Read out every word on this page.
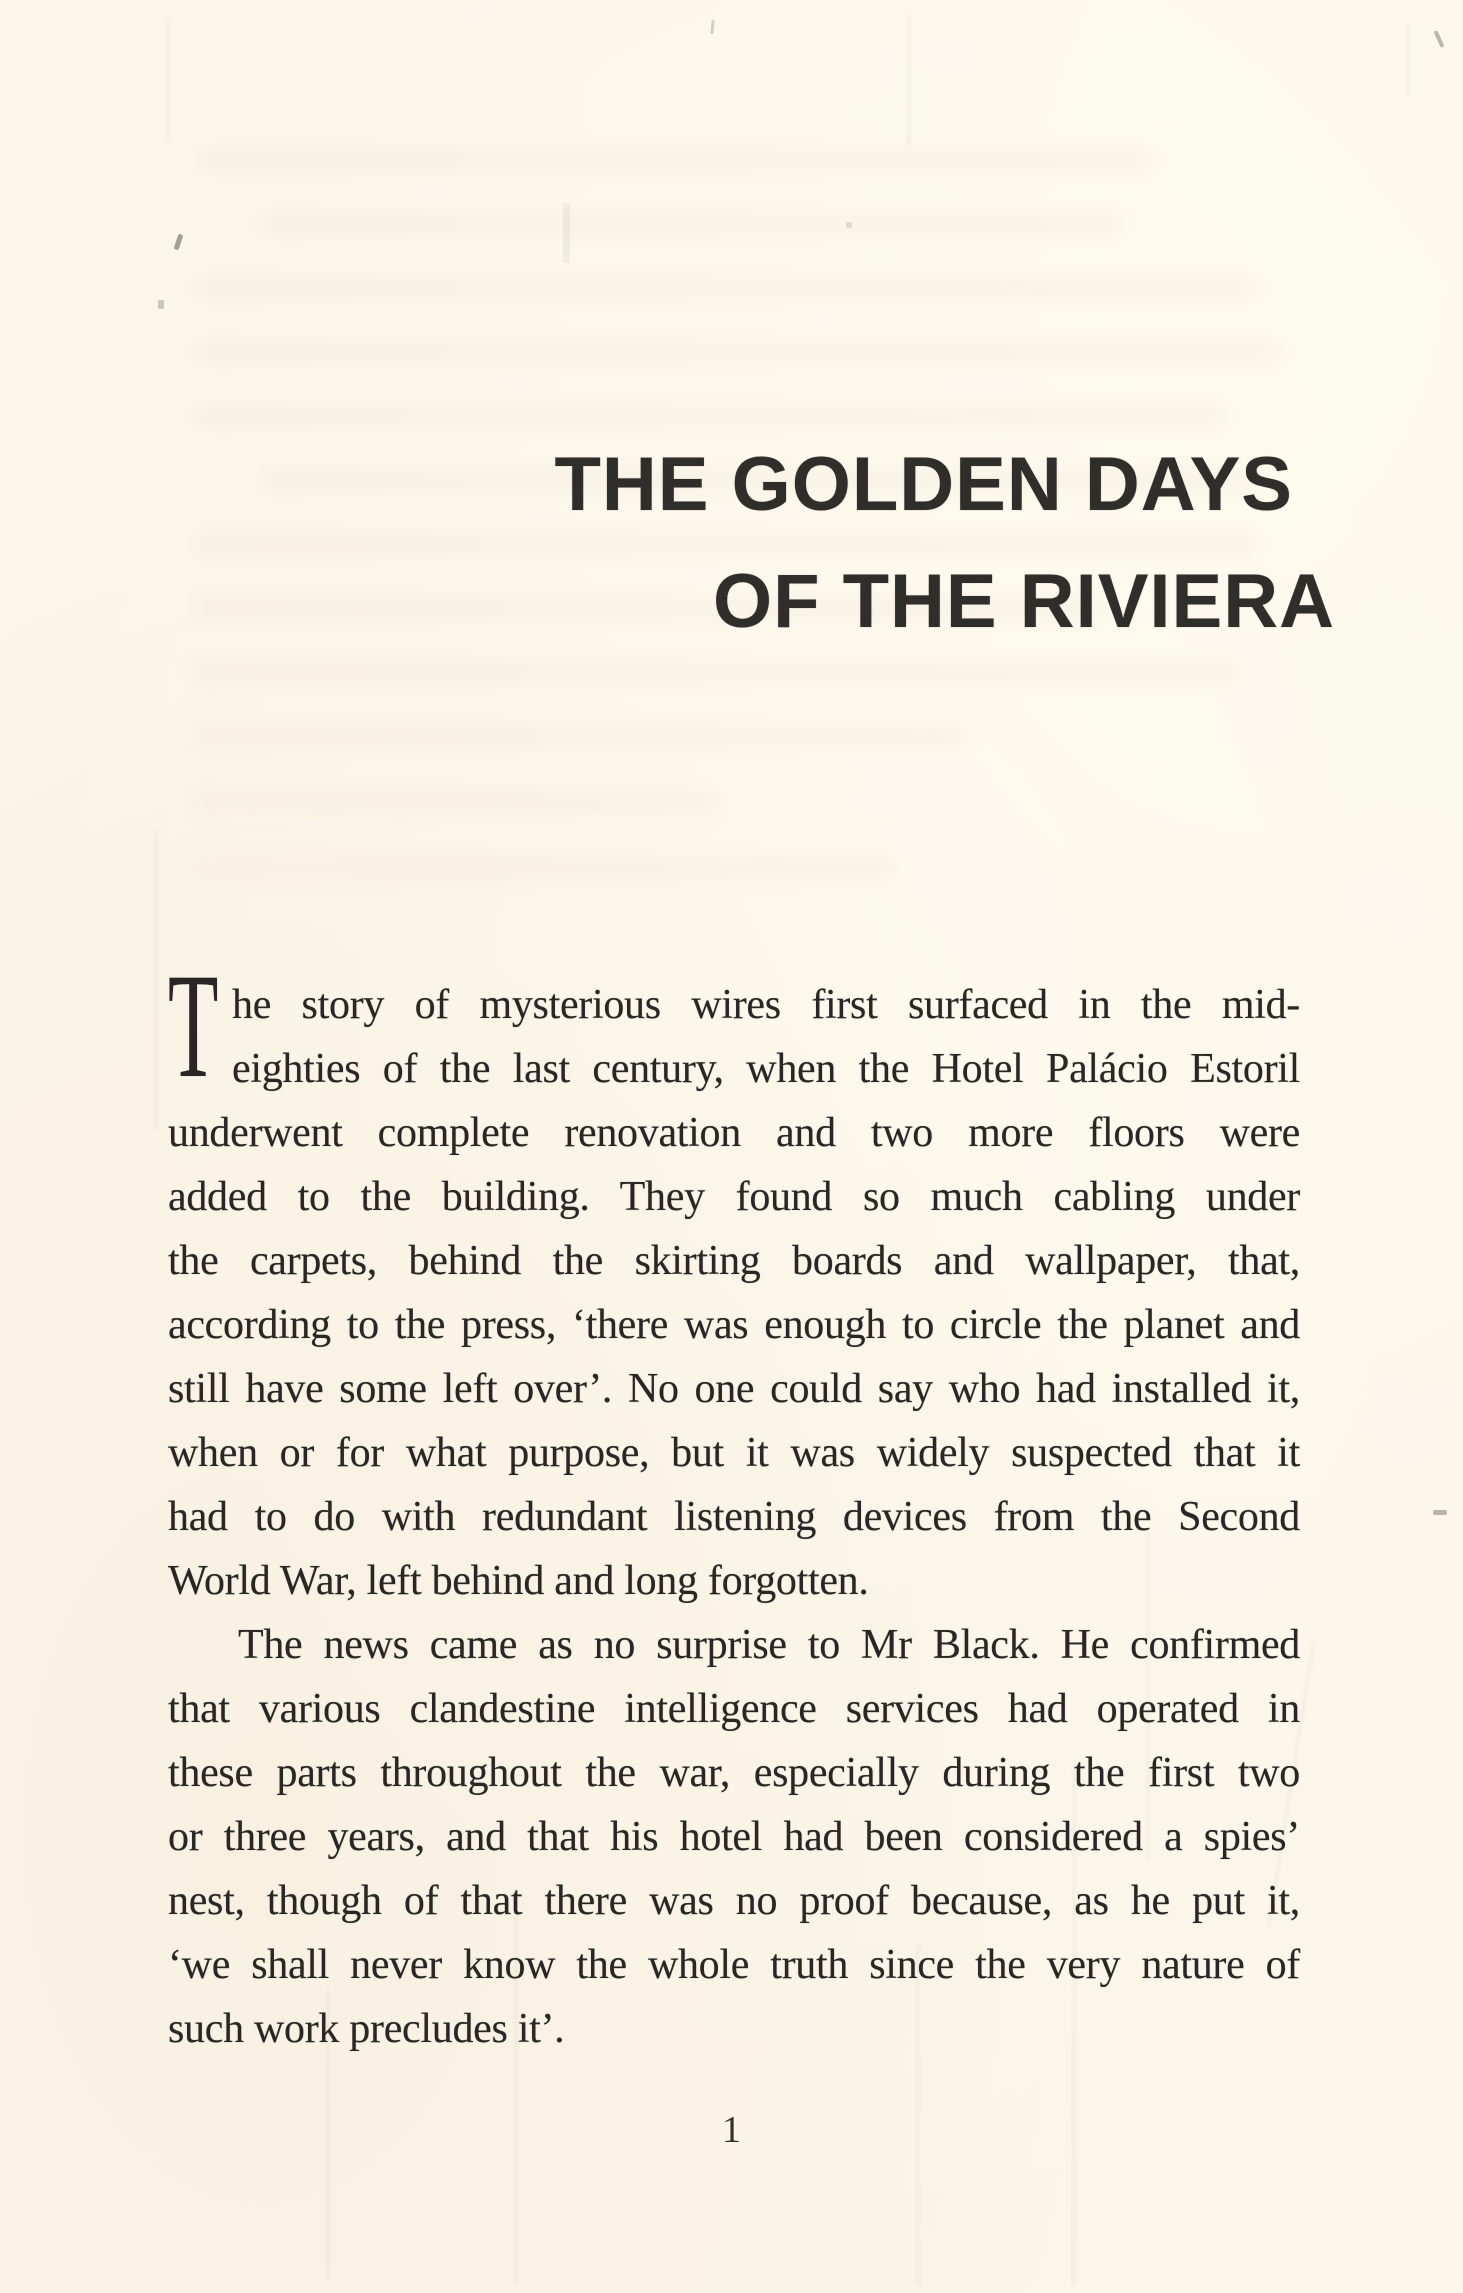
THE GOLDEN DAYS
OF THE RIVIERA
T he story of mysterious wires first surfaced in the mid-
eighties of the last century, when the Hotel Palácio Estoril
underwent complete renovation and two more floors were
added to the building. They found so much cabling under
the carpets, behind the skirting boards and wallpaper, that,
according to the press, ‘there was enough to circle the planet and
still have some left over’. No one could say who had installed it,
when or for what purpose, but it was widely suspected that it
had to do with redundant listening devices from the Second
World War, left behind and long forgotten.
The news came as no surprise to Mr Black. He confirmed
that various clandestine intelligence services had operated in
these parts throughout the war, especially during the first two
or three years, and that his hotel had been considered a spies’
nest, though of that there was no proof because, as he put it,
‘we shall never know the whole truth since the very nature of
such work precludes it’.
1
